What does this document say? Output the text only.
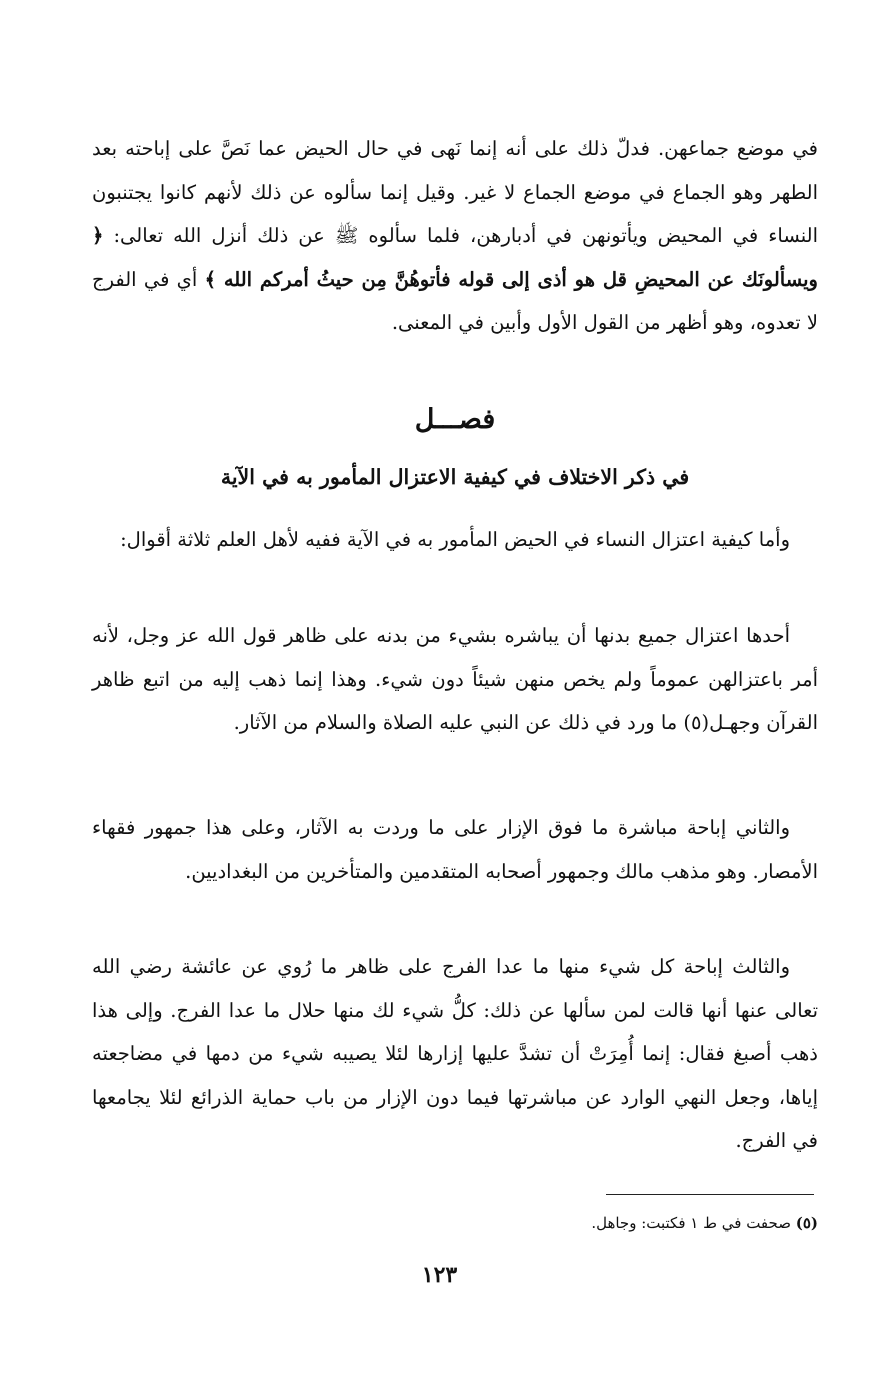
في موضع جماعهن. فدلّ ذلك على أنه إنما نَهى في حال الحيض عما نَصَّ على إباحته بعد الطهر وهو الجماع في موضع الجماع لا غير. وقيل إنما سألوه عن ذلك لأنهم كانوا يجتنبون النساء في المحيض ويأتونهن في أدبارهن، فلما سألوه ﷺ عن ذلك أنزل الله تعالى: ﴿ ويسألونَك عن المحيضِ قل هو أذى إلى قوله فأتوهُنَّ مِن حيثُ أمركم الله ﴾ أي في الفرج لا تعدوه، وهو أظهر من القول الأول وأبين في المعنى.

فصـــل
في ذكر الاختلاف في كيفية الاعتزال المأمور به في الآية

وأما كيفية اعتزال النساء في الحيض المأمور به في الآية ففيه لأهل العلم ثلاثة أقوال:

أحدها اعتزال جميع بدنها أن يباشره بشيء من بدنه على ظاهر قول الله عز وجل، لأنه أمر باعتزالهن عموماً ولم يخص منهن شيئاً دون شيء. وهذا إنما ذهب إليه من اتبع ظاهر القرآن وجهـل(٥) ما ورد في ذلك عن النبي عليه الصلاة والسلام من الآثار.

والثاني إباحة مباشرة ما فوق الإزار على ما وردت به الآثار، وعلى هذا جمهور فقهاء الأمصار. وهو مذهب مالك وجمهور أصحابه المتقدمين والمتأخرين من البغداديين.

والثالث إباحة كل شيء منها ما عدا الفرج على ظاهر ما رُوي عن عائشة رضي الله تعالى عنها أنها قالت لمن سألها عن ذلك: كلُّ شيء لك منها حلال ما عدا الفرج. وإلى هذا ذهب أصبغ فقال: إنما أُمِرَتْ أن تشدَّ عليها إزارها لئلا يصيبه شيء من دمها في مضاجعته إياها، وجعل النهي الوارد عن مباشرتها فيما دون الإزار من باب حماية الذرائع لئلا يجامعها في الفرج.

(٥) صحفت في ط ١ فكتبت: وجاهل.
١٢٣
